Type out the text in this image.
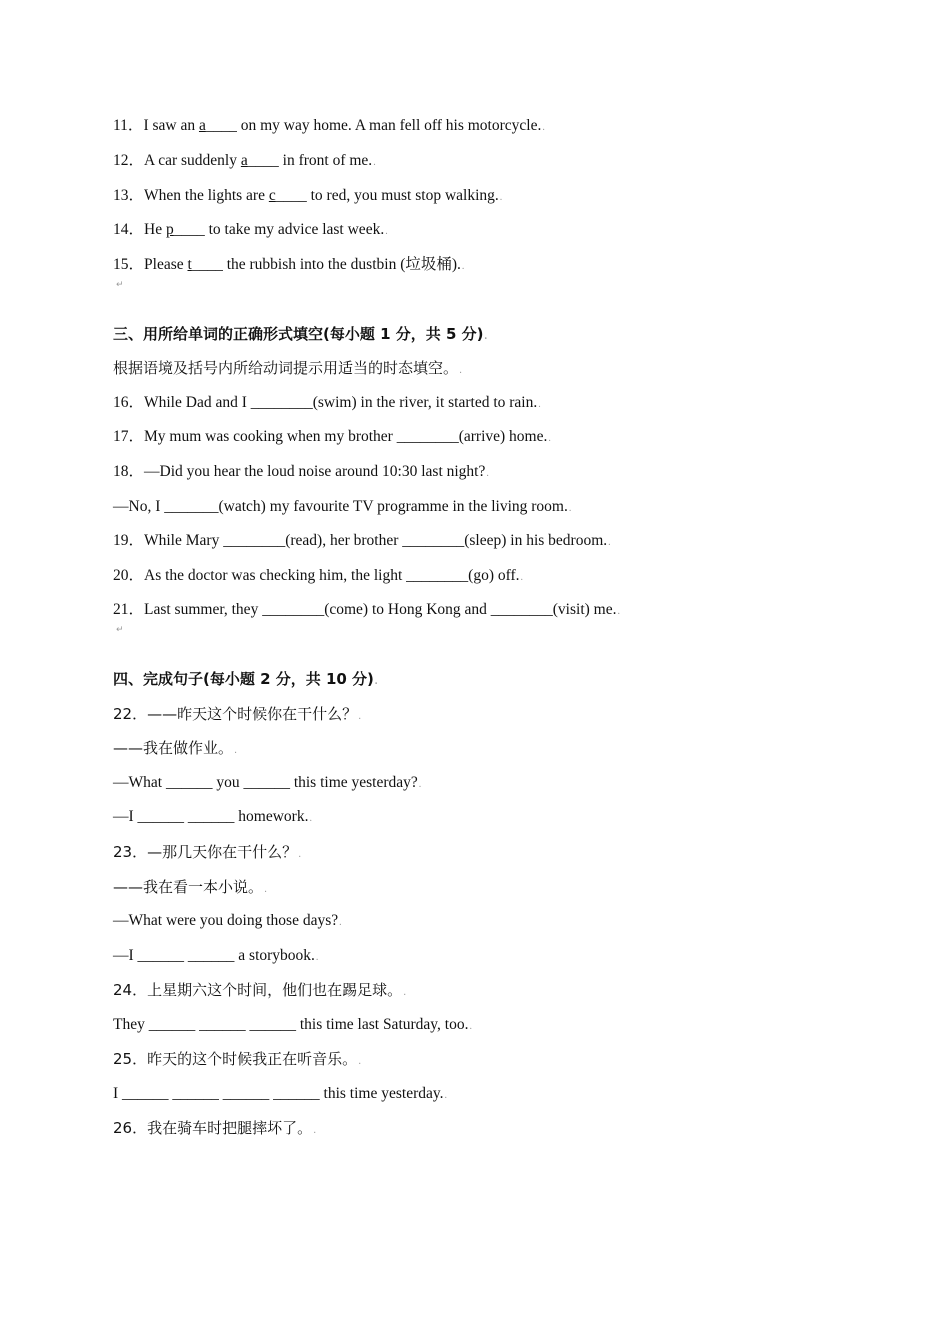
11．I saw an a____ on my way home. A man fell off his motorcycle..
12．A car suddenly a____ in front of me..
13．When the lights are c____ to red, you must stop walking..
14．He p____ to take my advice last week..
15．Please t____ the rubbish into the dustbin (垃圾桶)..
↵
三、用所给单词的正确形式填空(每小题 1 分，共 5 分).
根据语境及括号内所给动词提示用适当的时态填空。.
16．While Dad and I ________(swim) in the river, it started to rain..
17．My mum was cooking when my brother ________(arrive) home..
18．—Did you hear the loud noise around 10:30 last night?.
—No, I _______(watch) my favourite TV programme in the living room..
19．While Mary ________(read), her brother ________(sleep) in his bedroom..
20．As the doctor was checking him, the light ________(go) off..
21．Last summer, they ________(come) to Hong Kong and ________(visit) me..
↵
四、完成句子(每小题 2 分，共 10 分).
22．——昨天这个时候你在干什么？.
——我在做作业。.
—What ______ you ______ this time yesterday?.
—I ______ ______ homework..
23．—那几天你在干什么？.
——我在看一本小说。.
—What were you doing those days?.
—I ______ ______ a storybook..
24．上星期六这个时间，他们也在踢足球。.
They ______ ______ ______ this time last Saturday, too..
25．昨天的这个时候我正在听音乐。.
I ______ ______ ______ ______ this time yesterday..
26．我在骑车时把腿摔坏了。.
